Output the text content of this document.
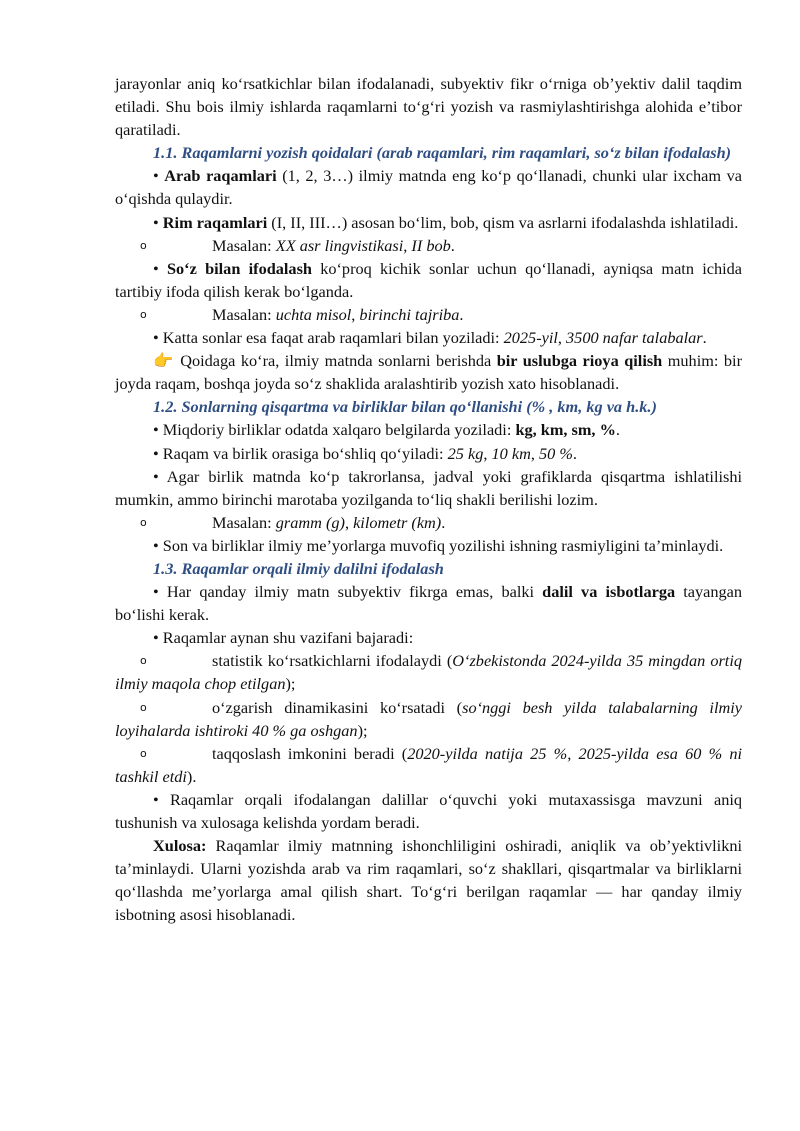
jarayonlar aniq ko‘rsatkichlar bilan ifodalanadi, subyektiv fikr o‘rniga ob’yektiv dalil taqdim etiladi. Shu bois ilmiy ishlarda raqamlarni to‘g‘ri yozish va rasmiylashtirishga alohida e’tibor qaratiladi.

1.1. Raqamlarni yozish qoidalari (arab raqamlari, rim raqamlari, so‘z bilan ifodalash)

• Arab raqamlari (1, 2, 3…) ilmiy matnda eng ko‘p qo‘llanadi, chunki ular ixcham va o‘qishda qulaydir.

• Rim raqamlari (I, II, III…) asosan bo‘lim, bob, qism va asrlarni ifodalashda ishlatiladi.

o	Masalan: XX asr lingvistikasi, II bob.

• So‘z bilan ifodalash ko‘proq kichik sonlar uchun qo‘llanadi, ayniqsa matn ichida tartibiy ifoda qilish kerak bo‘lganda.

o	Masalan: uchta misol, birinchi tajriba.

• Katta sonlar esa faqat arab raqamlari bilan yoziladi: 2025-yil, 3500 nafar talabalar.

👉 Qoidaga ko‘ra, ilmiy matnda sonlarni berishda bir uslubga rioya qilish muhim: bir joyda raqam, boshqa joyda so‘z shaklida aralashtirib yozish xato hisoblanadi.

1.2. Sonlarning qisqartma va birliklar bilan qo‘llanishi (% , km, kg va h.k.)

• Miqdoriy birliklar odatda xalqaro belgilarda yoziladi: kg, km, sm, %.

• Raqam va birlik orasiga bo‘shliq qo‘yiladi: 25 kg, 10 km, 50 %.

• Agar birlik matnda ko‘p takrorlansa, jadval yoki grafiklarda qisqartma ishlatilishi mumkin, ammo birinchi marotaba yozilganda to‘liq shakli berilishi lozim.

o	Masalan: gramm (g), kilometr (km).

• Son va birliklar ilmiy me’yorlarga muvofiq yozilishi ishning rasmiyligini ta’minlaydi.

1.3. Raqamlar orqali ilmiy dalilni ifodalash

• Har qanday ilmiy matn subyektiv fikrga emas, balki dalil va isbotlarga tayangan bo‘lishi kerak.

• Raqamlar aynan shu vazifani bajaradi:

o	statistik ko‘rsatkichlarni ifodalaydi (O‘zbekistonda 2024-yilda 35 mingdan ortiq ilmiy maqola chop etilgan);

o	o‘zgarish dinamikasini ko‘rsatadi (so‘nggi besh yilda talabalarning ilmiy loyihalarda ishtiroki 40 % ga oshgan);

o	taqqoslash imkonini beradi (2020-yilda natija 25 %, 2025-yilda esa 60 % ni tashkil etdi).

• Raqamlar orqali ifodalangan dalillar o‘quvchi yoki mutaxassisga mavzuni aniq tushunish va xulosaga kelishda yordam beradi.

Xulosa: Raqamlar ilmiy matnning ishonchliligini oshiradi, aniqlik va ob’yektivlikni ta’minlaydi. Ularni yozishda arab va rim raqamlari, so‘z shakllari, qisqartmalar va birliklarni qo‘llashda me’yorlarga amal qilish shart. To‘g‘ri berilgan raqamlar — har qanday ilmiy isbotning asosi hisoblanadi.
